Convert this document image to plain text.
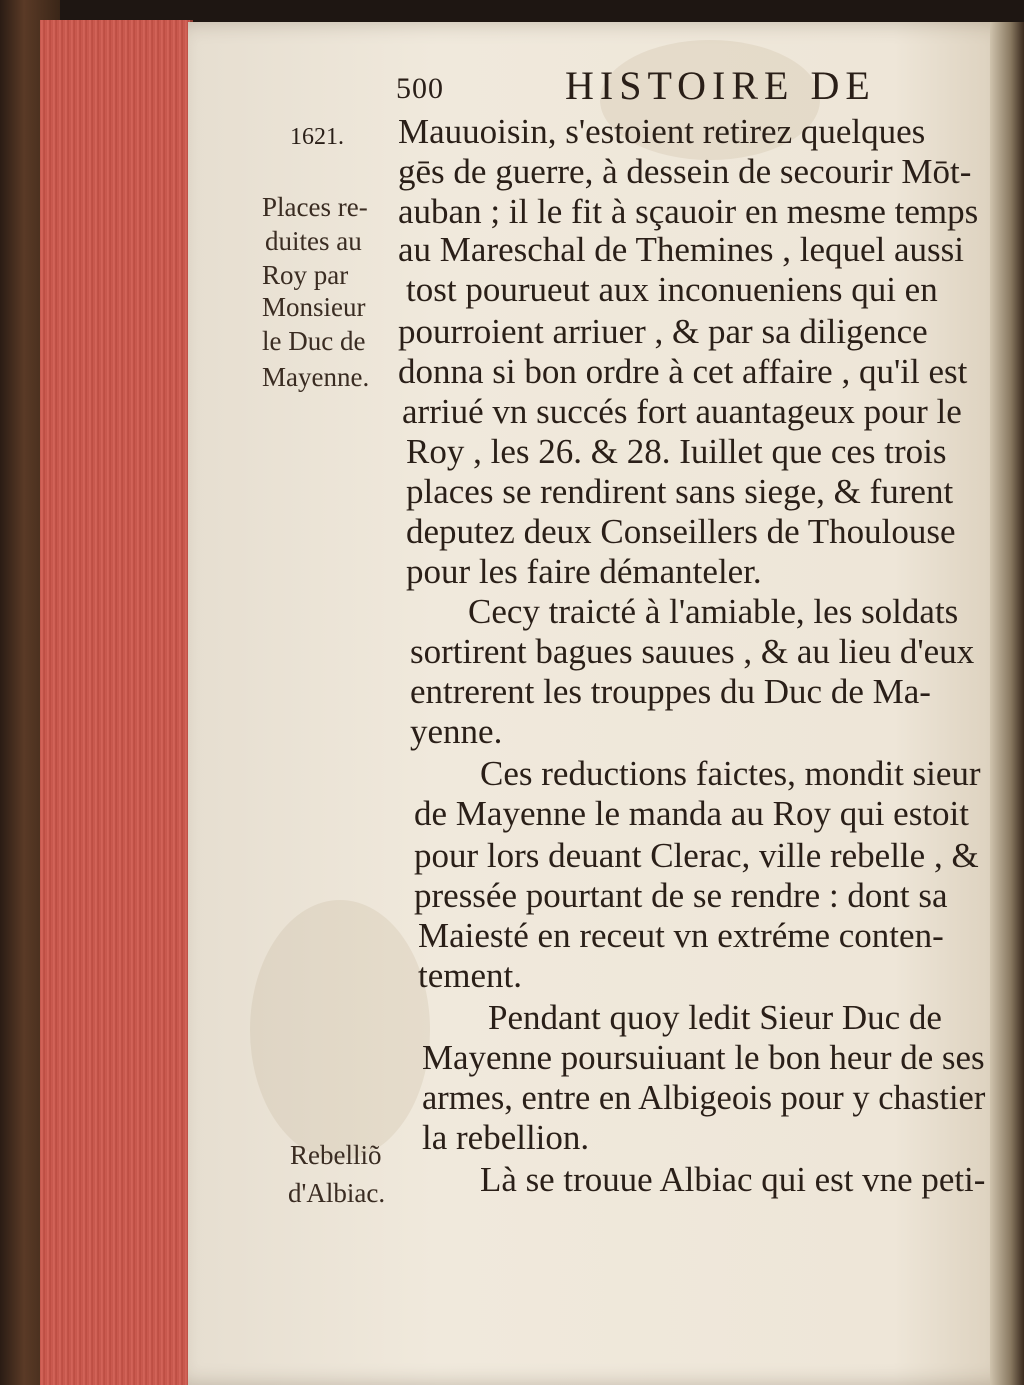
500	HISTOIRE DE
1621.
Places re-
duites au
Roy par
Monsieur
le Duc de
Mayenne.
Rebelliõ
d'Albiac.
Mauuoisin, s'estoient retirez quelques
gēs de guerre, à dessein de secourir Mōt-
auban ; il le fit à sçauoir en mesme temps
au Mareschal de Themines , lequel aussi
tost pourueut aux inconueniens qui en
pourroient arriuer , & par sa diligence
donna si bon ordre à cet affaire , qu'il est
arriué vn succés fort auantageux pour le
Roy , les 26. & 28. Iuillet que ces trois
places se rendirent sans siege, & furent
deputez deux Conseillers de Thoulouse
pour les faire démanteler.
Cecy traicté à l'amiable, les soldats
sortirent bagues sauues , & au lieu d'eux
entrerent les trouppes du Duc de Ma-
yenne.
Ces reductions faictes, mondit sieur
de Mayenne le manda au Roy qui estoit
pour lors deuant Clerac, ville rebelle , &
pressée pourtant de se rendre : dont sa
Maiesté en receut vn extréme conten-
tement.
Pendant quoy ledit Sieur Duc de
Mayenne poursuiuant le bon heur de ses
armes, entre en Albigeois pour y chastier
la rebellion.
Là se trouue Albiac qui est vne peti-
